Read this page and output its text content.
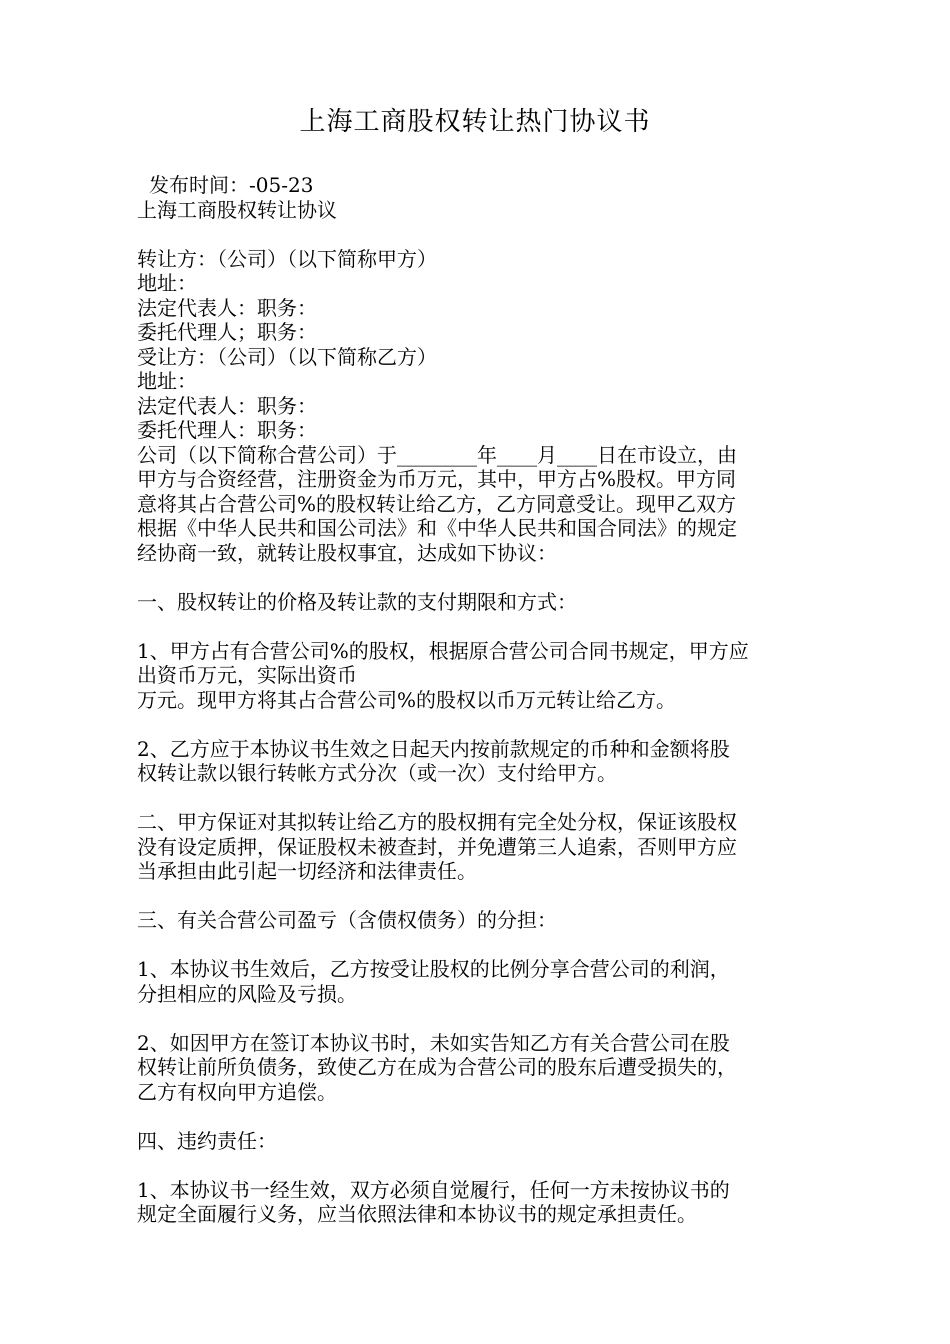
上海工商股权转让热门协议书
发布时间：-05-23
上海工商股权转让协议
转让方：（公司）（以下简称甲方）
地址：
法定代表人：职务：
委托代理人；职务：
受让方：（公司）（以下简称乙方）
地址：
法定代表人：职务：
委托代理人：职务：
公司（以下简称合营公司）于________年____月____日在市设立，由
甲方与合资经营，注册资金为币万元，其中，甲方占%股权。甲方同
意将其占合营公司%的股权转让给乙方，乙方同意受让。现甲乙双方
根据《中华人民共和国公司法》和《中华人民共和国合同法》的规定
经协商一致，就转让股权事宜，达成如下协议：
一、股权转让的价格及转让款的支付期限和方式：
1、甲方占有合营公司%的股权，根据原合营公司合同书规定，甲方应
出资币万元，实际出资币
万元。现甲方将其占合营公司%的股权以币万元转让给乙方。
2、乙方应于本协议书生效之日起天内按前款规定的币种和金额将股
权转让款以银行转帐方式分次（或一次）支付给甲方。
二、甲方保证对其拟转让给乙方的股权拥有完全处分权，保证该股权
没有设定质押，保证股权未被查封，并免遭第三人追索，否则甲方应
当承担由此引起一切经济和法律责任。
三、有关合营公司盈亏（含债权债务）的分担：
1、本协议书生效后，乙方按受让股权的比例分享合营公司的利润，
分担相应的风险及亏损。
2、如因甲方在签订本协议书时，未如实告知乙方有关合营公司在股
权转让前所负债务，致使乙方在成为合营公司的股东后遭受损失的，
乙方有权向甲方追偿。
四、违约责任：
1、本协议书一经生效，双方必须自觉履行，任何一方未按协议书的
规定全面履行义务，应当依照法律和本协议书的规定承担责任。
